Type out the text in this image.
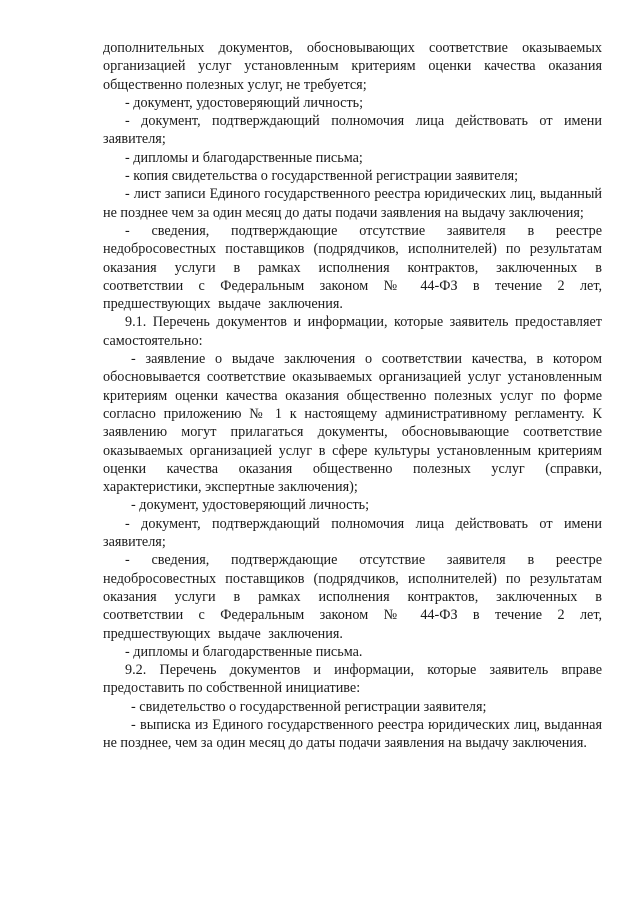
дополнительных документов, обосновывающих соответствие оказываемых организацией услуг установленным критериям оценки качества оказания общественно полезных услуг, не требуется;

- документ, удостоверяющий личность;

- документ, подтверждающий полномочия лица действовать от имени заявителя;

- дипломы и благодарственные письма;

- копия свидетельства о государственной регистрации заявителя;

- лист записи Единого государственного реестра юридических лиц, выданный не позднее чем за один месяц до даты подачи заявления на выдачу заключения;

- сведения, подтверждающие отсутствие заявителя в реестре недобросовестных поставщиков (подрядчиков, исполнителей) по результатам оказания услуги в рамках исполнения контрактов, заключенных в соответствии с Федеральным законом № 44-ФЗ в течение 2 лет, предшествующих выдаче заключения.

9.1. Перечень документов и информации, которые заявитель предоставляет самостоятельно:

- заявление о выдаче заключения о соответствии качества, в котором обосновывается соответствие оказываемых организацией услуг установленным критериям оценки качества оказания общественно полезных услуг по форме согласно приложению № 1 к настоящему административному регламенту. К заявлению могут прилагаться документы, обосновывающие соответствие оказываемых организацией услуг в сфере культуры установленным критериям оценки качества оказания общественно полезных услуг (справки, характеристики, экспертные заключения);

- документ, удостоверяющий личность;

- документ, подтверждающий полномочия лица действовать от имени заявителя;

- сведения, подтверждающие отсутствие заявителя в реестре недобросовестных поставщиков (подрядчиков, исполнителей) по результатам оказания услуги в рамках исполнения контрактов, заключенных в соответствии с Федеральным законом № 44-ФЗ в течение 2 лет, предшествующих выдаче заключения.

- дипломы и благодарственные письма.

9.2. Перечень документов и информации, которые заявитель вправе предоставить по собственной инициативе:

- свидетельство о государственной регистрации заявителя;

- выписка из Единого государственного реестра юридических лиц, выданная не позднее, чем за один месяц до даты подачи заявления на выдачу заключения.
